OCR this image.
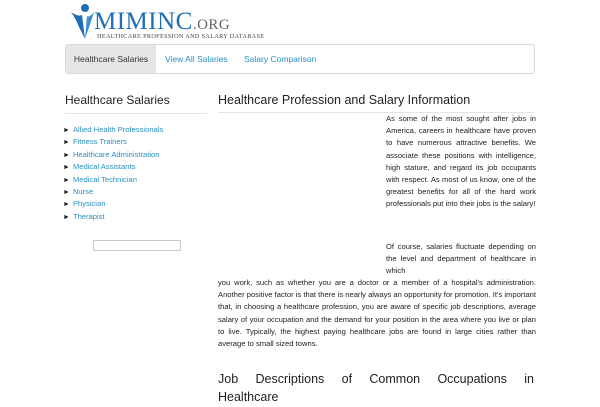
MIMINC.ORG
HEALTHCARE PROFESSION AND SALARY DATABASE
Healthcare Salaries	View All Salaries Salary Comparison
Healthcare Salaries
► Allied Health Professionals
► Fitness Trainers
► Healthcare Administration
► Medical Assistants
► Medical Technician
► Nurse
► Physician
► Therapist
Healthcare Profession and Salary Information

As some of the most sought after jobs in America, careers in healthcare have proven to have numerous attractive benefits. We associate these positions with intelligence, high stature, and regard its job occupants with respect. As most of us know, one of the greatest benefits for all of the hard work professionals put into their jobs is the salary!

Of course, salaries fluctuate depending on the level and department of healthcare in which

you work, such as whether you are a doctor or a member of a hospital's administration. Another positive factor is that there is nearly always an opportunity for promotion. It's important that, in choosing a healthcare profession, you are aware of specific job descriptions, average salary of your occupation and the demand for your position in the area where you live or plan to live. Typically, the highest paying healthcare jobs are found in large cities rather than average to small sized towns.

Job Descriptions of Common Occupations in

Healthcare
